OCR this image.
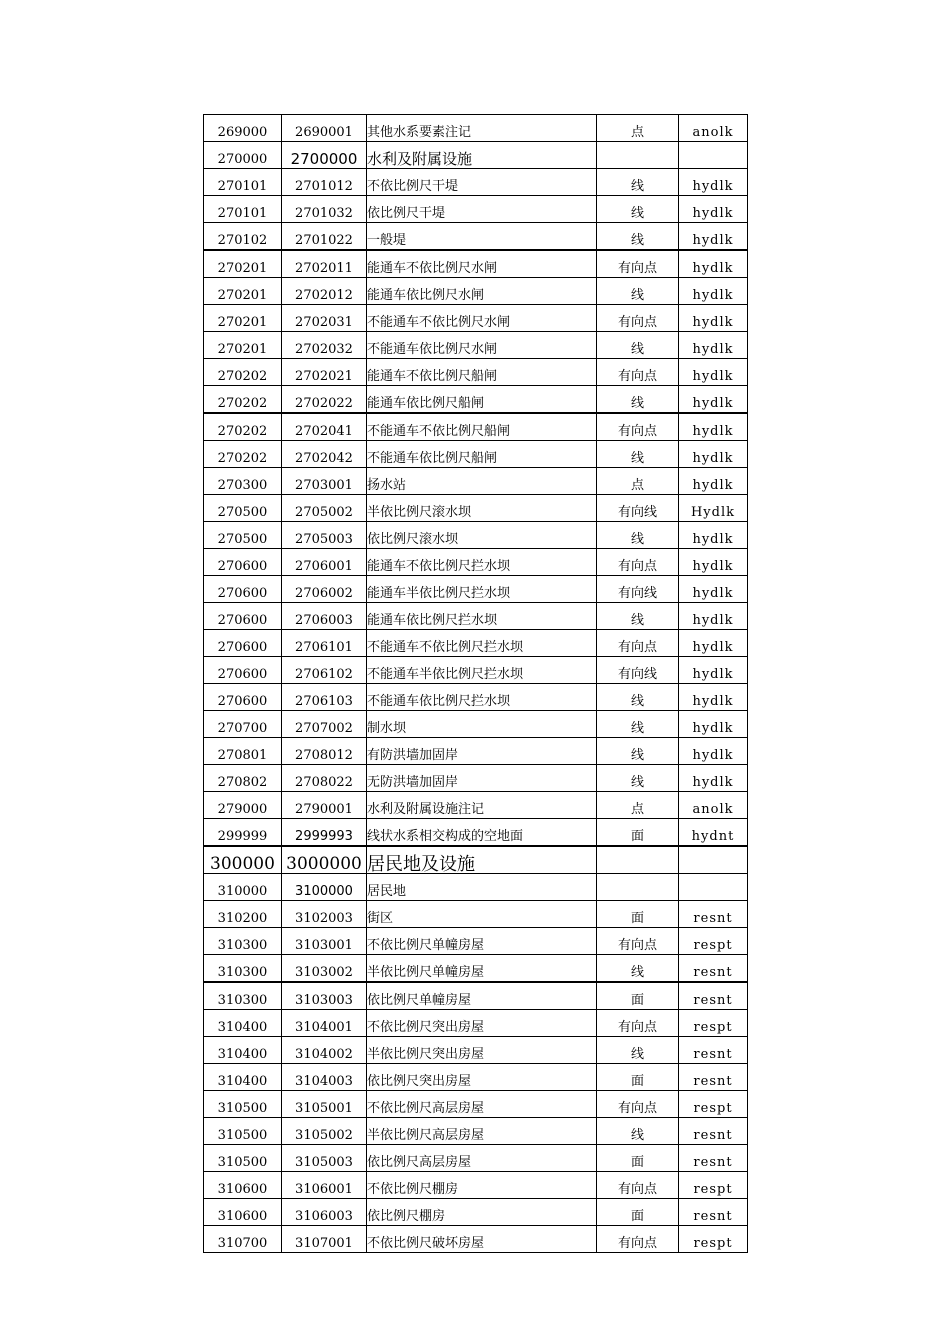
269000	2690001	其他水系要素注记	点	anolk
270000	2700000	水利及附属设施		
270101	2701012	不依比例尺干堤	线	hydlk
270101	2701032	依比例尺干堤	线	hydlk
270102	2701022	一般堤	线	hydlk
270201	2702011	能通车不依比例尺水闸	有向点	hydlk
270201	2702012	能通车依比例尺水闸	线	hydlk
270201	2702031	不能通车不依比例尺水闸	有向点	hydlk
270201	2702032	不能通车依比例尺水闸	线	hydlk
270202	2702021	能通车不依比例尺船闸	有向点	hydlk
270202	2702022	能通车依比例尺船闸	线	hydlk
270202	2702041	不能通车不依比例尺船闸	有向点	hydlk
270202	2702042	不能通车依比例尺船闸	线	hydlk
270300	2703001	扬水站	点	hydlk
270500	2705002	半依比例尺滚水坝	有向线	Hydlk
270500	2705003	依比例尺滚水坝	线	hydlk
270600	2706001	能通车不依比例尺拦水坝	有向点	hydlk
270600	2706002	能通车半依比例尺拦水坝	有向线	hydlk
270600	2706003	能通车依比例尺拦水坝	线	hydlk
270600	2706101	不能通车不依比例尺拦水坝	有向点	hydlk
270600	2706102	不能通车半依比例尺拦水坝	有向线	hydlk
270600	2706103	不能通车依比例尺拦水坝	线	hydlk
270700	2707002	制水坝	线	hydlk
270801	2708012	有防洪墙加固岸	线	hydlk
270802	2708022	无防洪墙加固岸	线	hydlk
279000	2790001	水利及附属设施注记	点	anolk
299999	2999993	线状水系相交构成的空地面	面	hydnt
300000	3000000	居民地及设施		
310000	3100000	居民地		
310200	3102003	街区	面	resnt
310300	3103001	不依比例尺单幢房屋	有向点	respt
310300	3103002	半依比例尺单幢房屋	线	resnt
310300	3103003	依比例尺单幢房屋	面	resnt
310400	3104001	不依比例尺突出房屋	有向点	respt
310400	3104002	半依比例尺突出房屋	线	resnt
310400	3104003	依比例尺突出房屋	面	resnt
310500	3105001	不依比例尺高层房屋	有向点	respt
310500	3105002	半依比例尺高层房屋	线	resnt
310500	3105003	依比例尺高层房屋	面	resnt
310600	3106001	不依比例尺棚房	有向点	respt
310600	3106003	依比例尺棚房	面	resnt
310700	3107001	不依比例尺破坏房屋	有向点	respt
